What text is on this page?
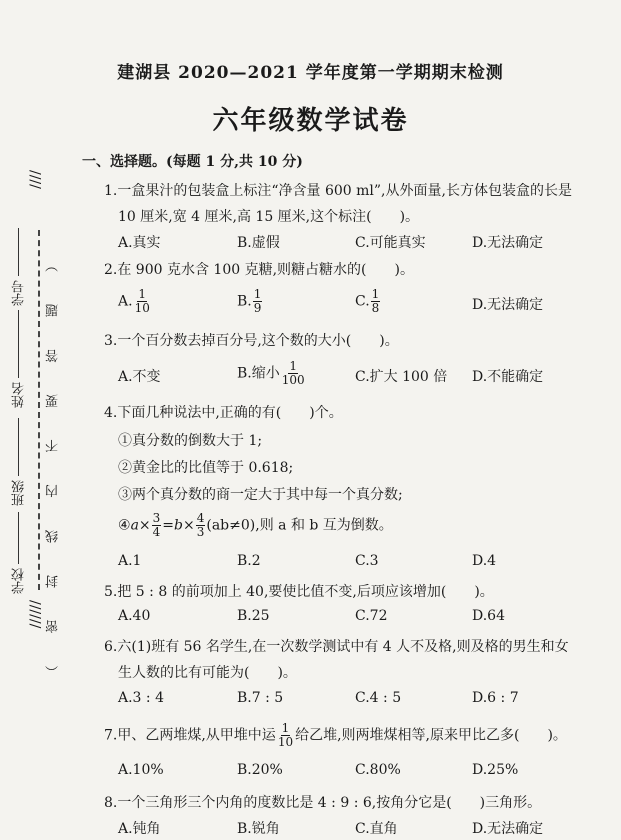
////
////// （ 密 封 线 内 不 要 答 题 ）
学号
姓名
班级
学校
建湖县 2020—2021 学年度第一学期期末检测
六年级数学试卷
一、选择题。(每题 1 分,共 10 分)
1.一盒果汁的包装盒上标注“净含量 600 ml”,从外面量,长方体包装盒的长是
10 厘米,宽 4 厘米,高 15 厘米,这个标注(　　)。
A.真实	B.虚假	C.可能真实	D.无法确定
2.在 900 克水含 100 克糖,则糖占糖水的(　　)。
A. $\frac{1}{10}$	B. $\frac{1}{9}$	C. $\frac{1}{8}$	D.无法确定
3.一个百分数去掉百分号,这个数的大小(　　)。
A.不变	B.缩小 $\frac{1}{100}$	C.扩大 100 倍 D.不能确定
4.下面几种说法中,正确的有(　　)个。
①真分数的倒数大于 1;
②黄金比的比值等于 0.618;
③两个真分数的商一定大于其中每一个真分数;
④a× $\frac{3}{4} =b\times \frac{4}{3} (ab\ne 0)$,则 a 和 b 互为倒数。
A.1	B.2	C.3	D.4
5.把 5 : 8 的前项加上 40,要使比值不变,后项应该增加(　　)。
A.40	B.25	C.72	D.64
6.六(1)班有 56 名学生,在一次数学测试中有 4 人不及格,则及格的男生和女
生人数的比有可能为(　　)。
A.3 : 4	B.7 : 5	C.4 : 5	D.6 : 7
7.甲、乙两堆煤,从甲堆中运 $\frac{1}{10}$ 给乙堆,则两堆煤相等,原来甲比乙多(　　)。
A.10%	B.20%	C.80%	D.25%
8.一个三角形三个内角的度数比是 4 : 9 : 6,按角分它是(　　)三角形。
A.钝角	B.锐角	C.直角	D.无法确定
